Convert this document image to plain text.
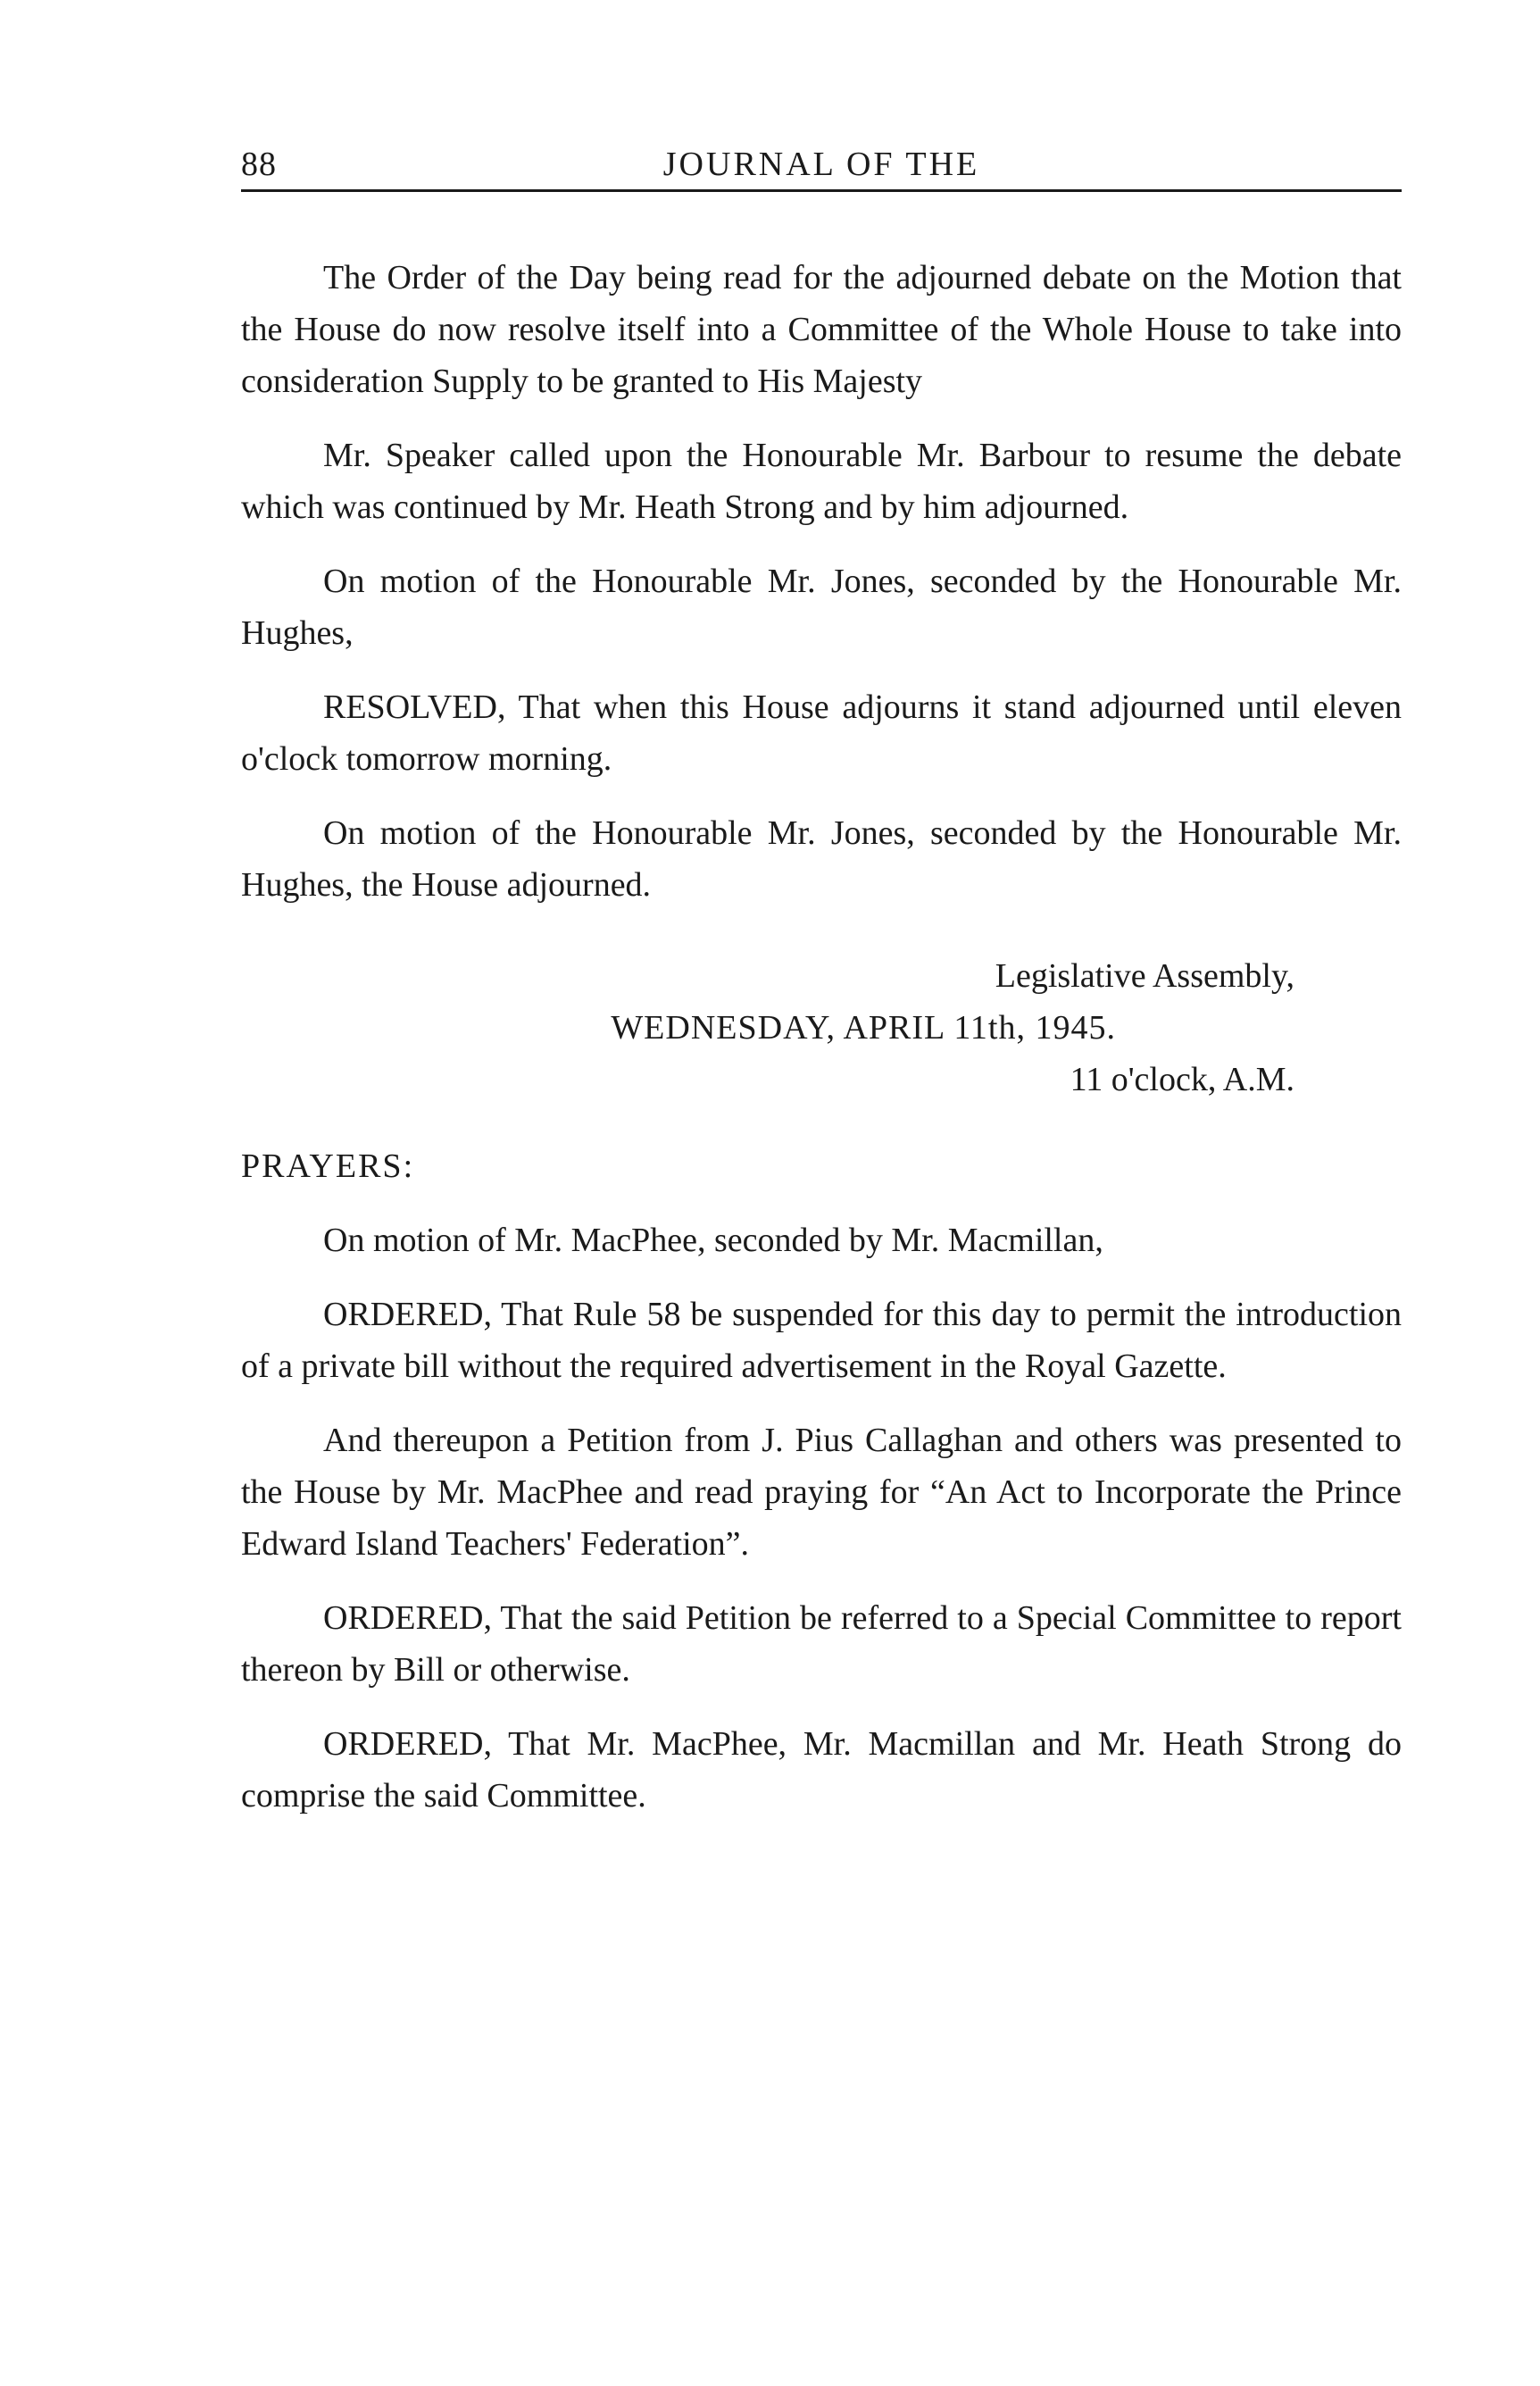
88	JOURNAL OF THE

The Order of the Day being read for the adjourned debate on the Motion that the House do now resolve itself into a Committee of the Whole House to take into consideration Supply to be granted to His Majesty

Mr. Speaker called upon the Honourable Mr. Barbour to resume the debate which was continued by Mr. Heath Strong and by him adjourned.

On motion of the Honourable Mr. Jones, seconded by the Honourable Mr. Hughes,

RESOLVED, That when this House adjourns it stand adjourned until eleven o'clock tomorrow morning.

On motion of the Honourable Mr. Jones, seconded by the Honourable Mr. Hughes, the House adjourned.

Legislative Assembly,
WEDNESDAY, APRIL 11th, 1945.
11 o'clock, A.M.

PRAYERS:

On motion of Mr. MacPhee, seconded by Mr. Macmillan,

ORDERED, That Rule 58 be suspended for this day to permit the introduction of a private bill without the required advertisement in the Royal Gazette.

And thereupon a Petition from J. Pius Callaghan and others was presented to the House by Mr. MacPhee and read praying for “An Act to Incorporate the Prince Edward Island Teachers' Federation”.

ORDERED, That the said Petition be referred to a Special Committee to report thereon by Bill or otherwise.

ORDERED, That Mr. MacPhee, Mr. Macmillan and Mr. Heath Strong do comprise the said Committee.
